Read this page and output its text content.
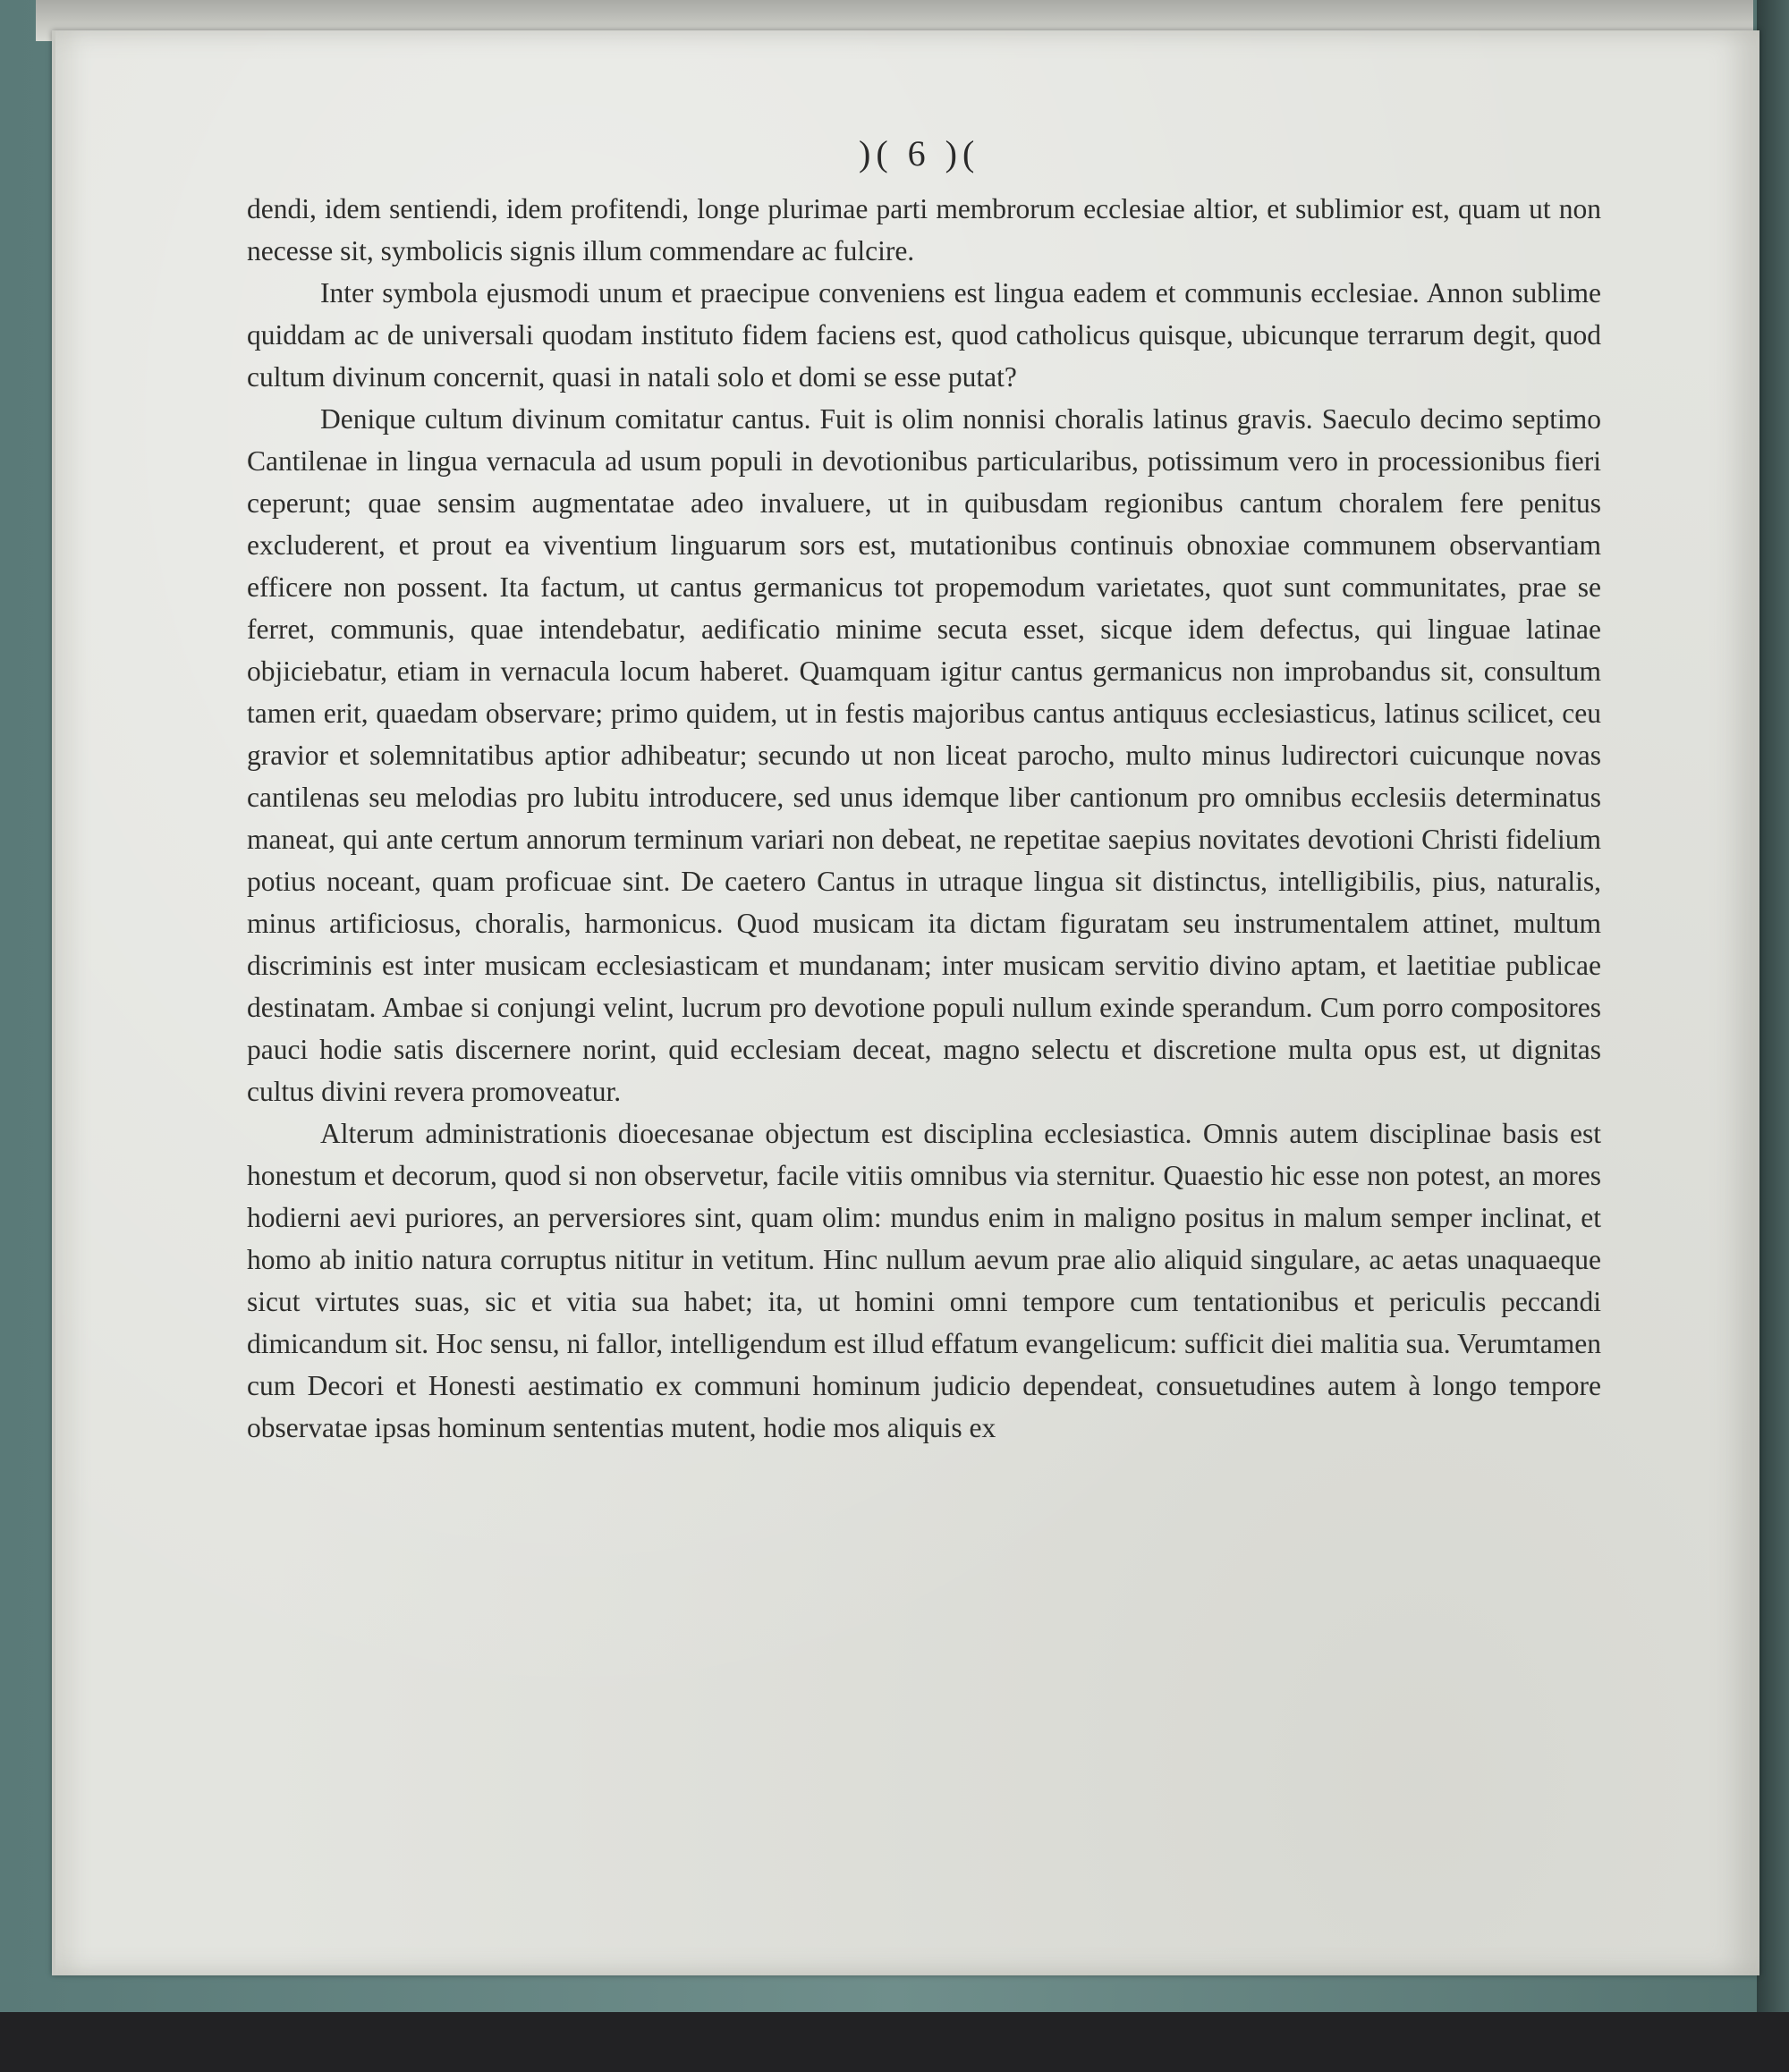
)( 6 )(

dendi, idem sentiendi, idem profitendi, longe plurimae parti membrorum ecclesiae altior, et sublimior est, quam ut non necesse sit, symbolicis signis illum commendare ac fulcire.

Inter symbola ejusmodi unum et praecipue conveniens est lingua eadem et communis ecclesiae. Annon sublime quiddam ac de universali quodam instituto fidem faciens est, quod catholicus quisque, ubicunque terrarum degit, quod cultum divinum concernit, quasi in natali solo et domi se esse putat?

Denique cultum divinum comitatur cantus. Fuit is olim nonnisi choralis latinus gravis. Saeculo decimo septimo Cantilenae in lingua vernacula ad usum populi in devotionibus particularibus, potissimum vero in processionibus fieri ceperunt; quae sensim augmentatae adeo invaluere, ut in quibusdam regionibus cantum choralem fere penitus excluderent, et prout ea viventium linguarum sors est, mutationibus continuis obnoxiae communem observantiam efficere non possent. Ita factum, ut cantus germanicus tot propemodum varietates, quot sunt communitates, prae se ferret, communis, quae intendebatur, aedificatio minime secuta esset, sicque idem defectus, qui linguae latinae objiciebatur, etiam in vernacula locum haberet. Quamquam igitur cantus germanicus non improbandus sit, consultum tamen erit, quaedam observare; primo quidem, ut in festis majoribus cantus antiquus ecclesiasticus, latinus scilicet, ceu gravior et solemnitatibus aptior adhibeatur; secundo ut non liceat parocho, multo minus ludirectori cuicunque novas cantilenas seu melodias pro lubitu introducere, sed unus idemque liber cantionum pro omnibus ecclesiis determinatus maneat, qui ante certum annorum terminum variari non debeat, ne repetitae saepius novitates devotioni Christi fidelium potius noceant, quam proficuae sint. De caetero Cantus in utraque lingua sit distinctus, intelligibilis, pius, naturalis, minus artificiosus, choralis, harmonicus. Quod musicam ita dictam figuratam seu instrumentalem attinet, multum discriminis est inter musicam ecclesiasticam et mundanam; inter musicam servitio divino aptam, et laetitiae publicae destinatam. Ambae si conjungi velint, lucrum pro devotione populi nullum exinde sperandum. Cum porro compositores pauci hodie satis discernere norint, quid ecclesiam deceat, magno selectu et discretione multa opus est, ut dignitas cultus divini revera promoveatur.

Alterum administrationis dioecesanae objectum est disciplina ecclesiastica. Omnis autem disciplinae basis est honestum et decorum, quod si non observetur, facile vitiis omnibus via sternitur. Quaestio hic esse non potest, an mores hodierni aevi puriores, an perversiores sint, quam olim: mundus enim in maligno positus in malum semper inclinat, et homo ab initio natura corruptus nititur in vetitum. Hinc nullum aevum prae alio aliquid singulare, ac aetas unaquaeque sicut virtutes suas, sic et vitia sua habet; ita, ut homini omni tempore cum tentationibus et periculis peccandi dimicandum sit. Hoc sensu, ni fallor, intelligendum est illud effatum evangelicum: sufficit diei malitia sua. Verumtamen cum Decori et Honesti aestimatio ex communi hominum judicio dependeat, consuetudines autem à longo tempore observatae ipsas hominum sententias mutent, hodie mos aliquis ex
